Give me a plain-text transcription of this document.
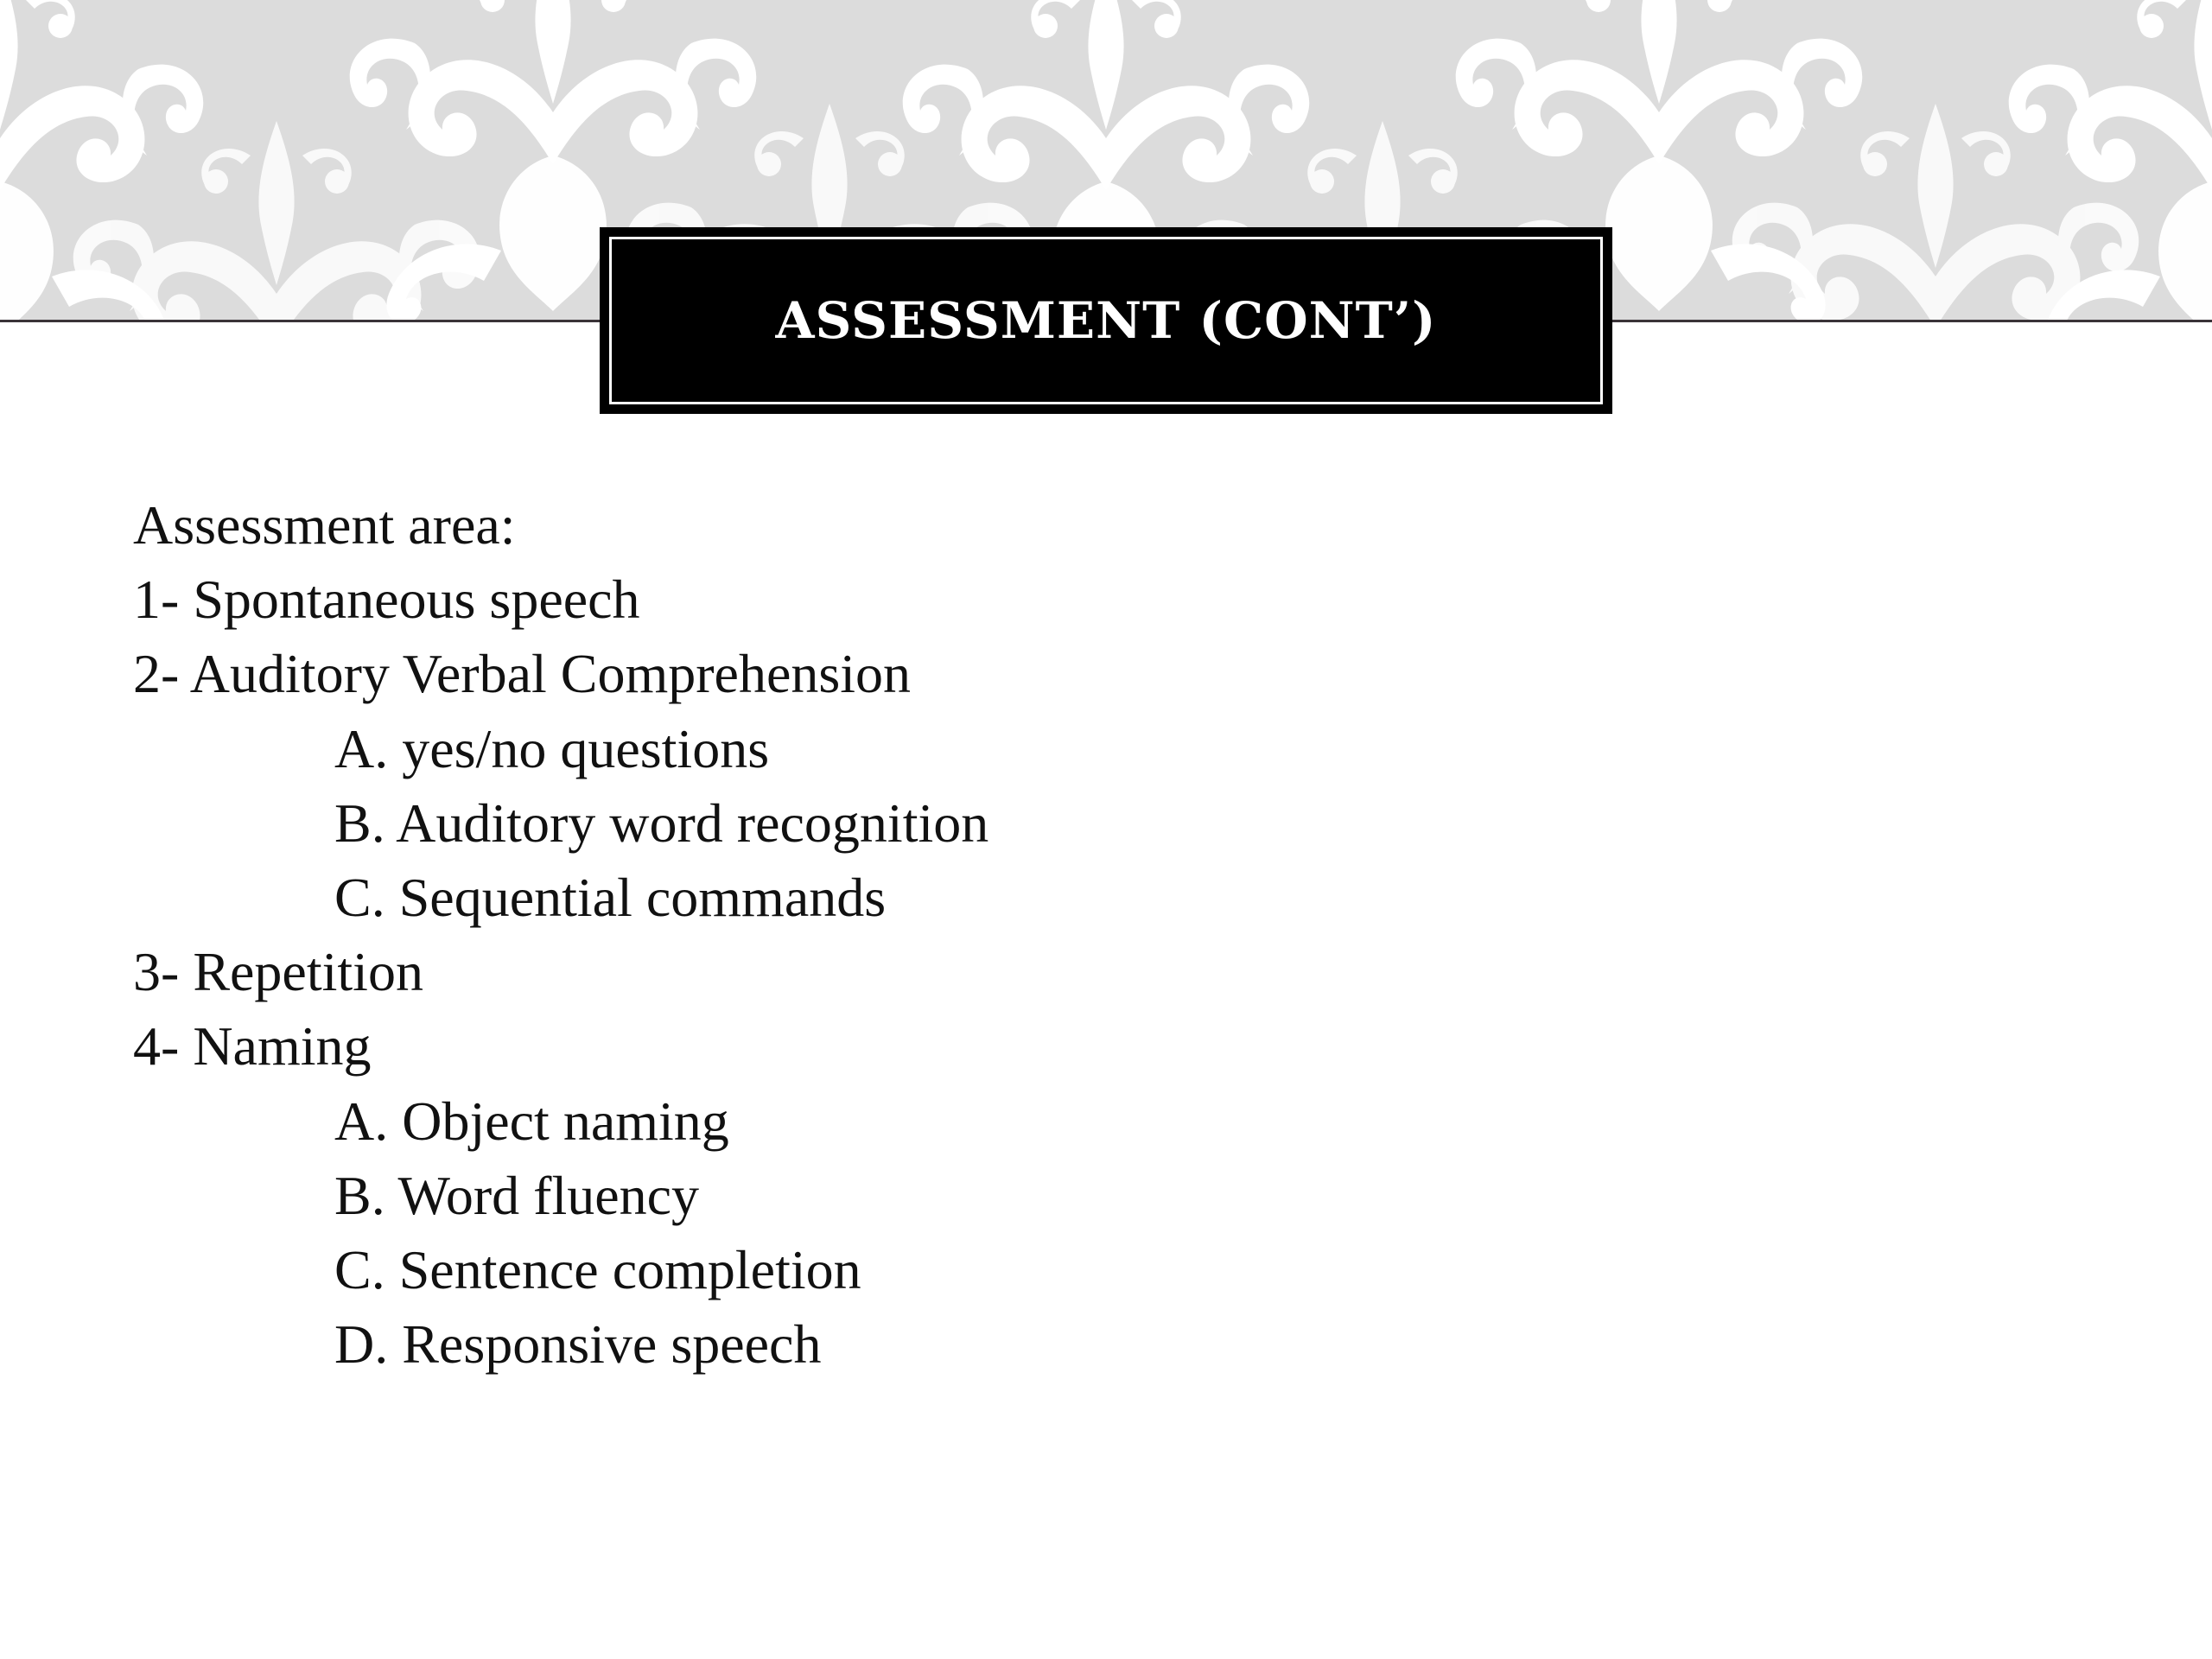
ASSESSMENT (CONT’)
Assessment area:
1- Spontaneous speech
2- Auditory Verbal Comprehension
A. yes/no questions
B. Auditory word recognition
C. Sequential commands
3- Repetition
4- Naming
A. Object naming
B. Word fluency
C. Sentence completion
D. Responsive speech
